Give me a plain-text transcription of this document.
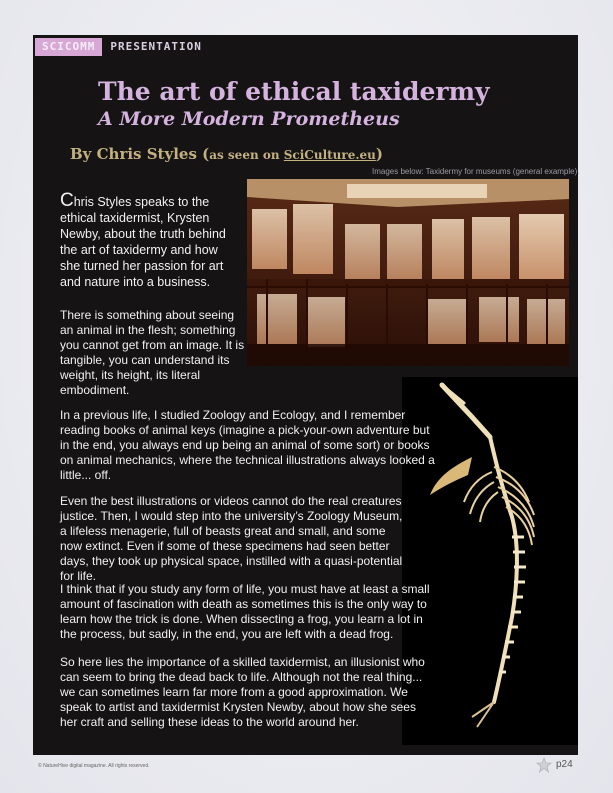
SCICOMM	PRESENTATION
The art of ethical taxidermy
A More Modern Prometheus
By Chris Styles (as seen on SciCulture.eu)
Images below: Taxidermy for museums (general example).

Chris Styles speaks to the ethical taxidermist, Krysten Newby, about the truth behind the art of taxidermy and how she turned her passion for art and nature into a business.

There is something about seeing an animal in the flesh; something you cannot get from an image. It is tangible, you can understand its weight, its height, its literal embodiment.

In a previous life, I studied Zoology and Ecology, and I remember reading books of animal keys (imagine a pick-your-own adventure but in the end, you always end up being an animal of some sort) or books on animal mechanics, where the technical illustrations always looked a little... off.

Even the best illustrations or videos cannot do the real creatures justice. Then, I would step into the university’s Zoology Museum, a lifeless menagerie, full of beasts great and small, and some now extinct. Even if some of these specimens had seen better days, they took up physical space, instilled with a quasi-potential for life.

I think that if you study any form of life, you must have at least a small amount of fascination with death as sometimes this is the only way to learn how the trick is done. When dissecting a frog, you learn a lot in the process, but sadly, in the end, you are left with a dead frog.

So here lies the importance of a skilled taxidermist, an illusionist who can seem to bring the dead back to life. Although not the real thing... we can sometimes learn far more from a good approximation. We speak to artist and taxidermist Krysten Newby, about how she sees her craft and selling these ideas to the world around her.

© NatureHive digital magazine. All rights reserved.	p24
